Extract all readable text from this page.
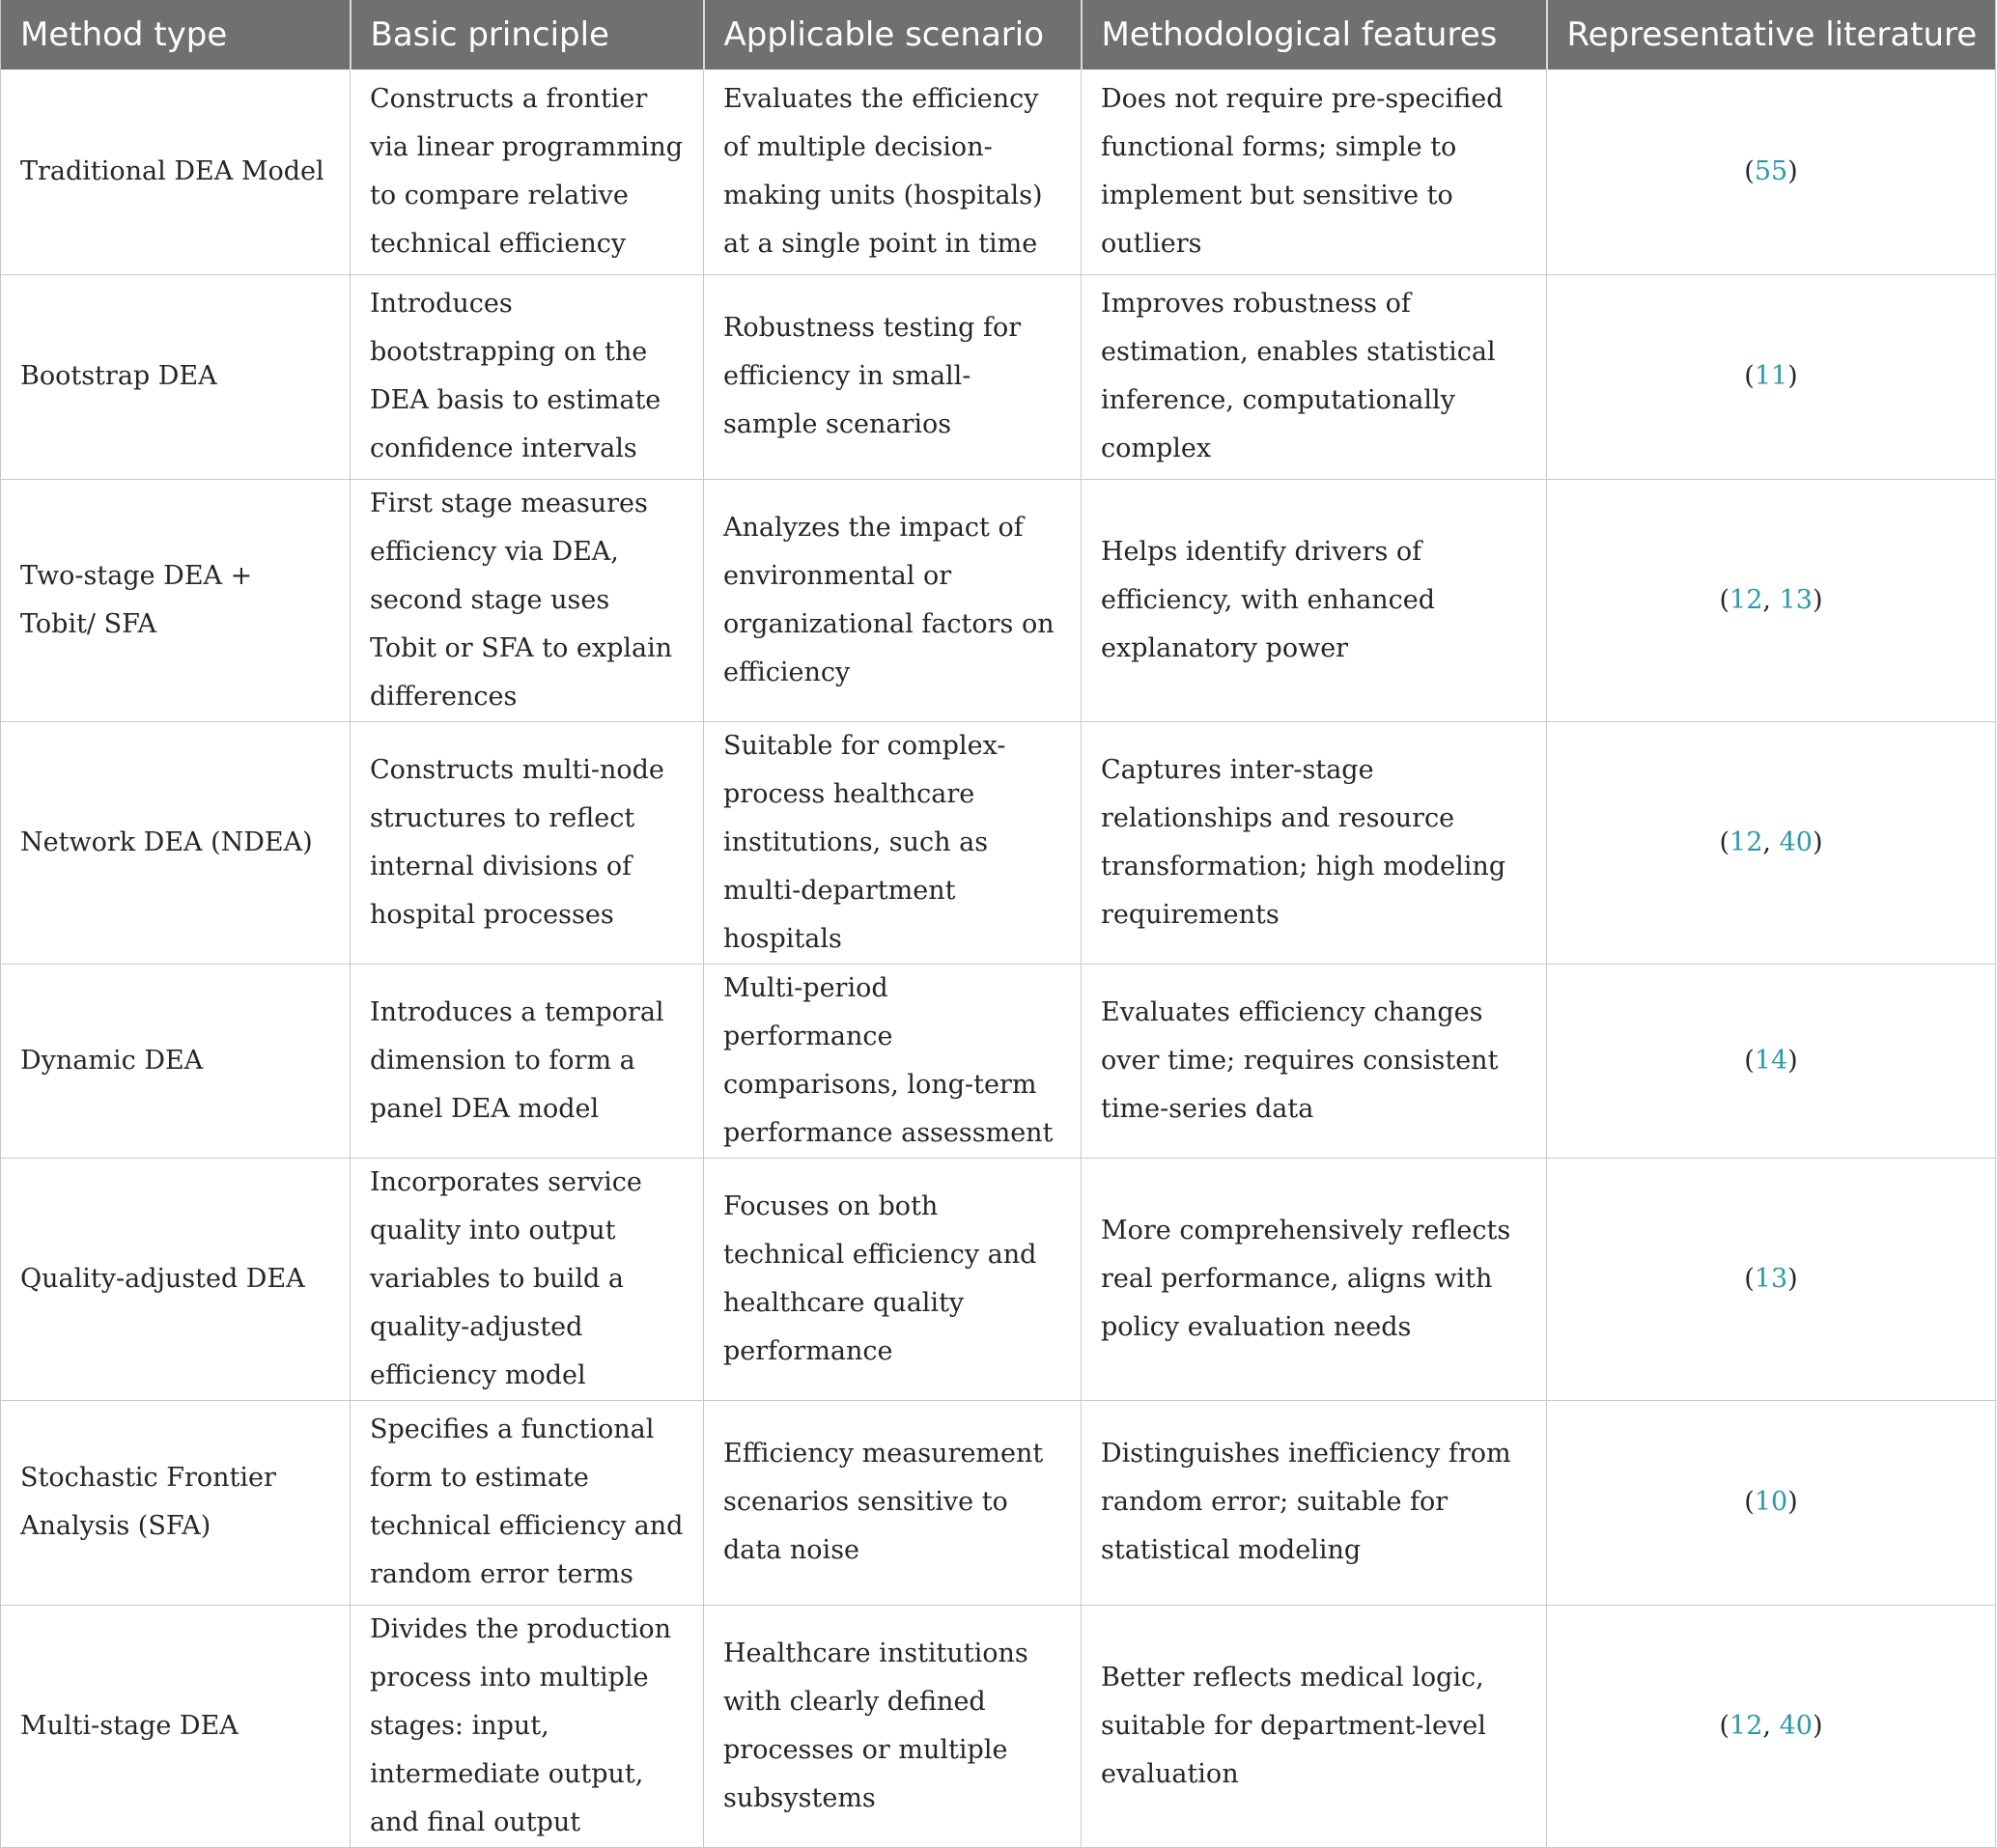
Method type	Basic principle	Applicable scenario	Methodological features	Representative literature
Traditional DEA Model	Constructs a frontier via linear programming to compare relative technical efficiency	Evaluates the efficiency of multiple decision-making units (hospitals) at a single point in time	Does not require pre-specified functional forms; simple to implement but sensitive to outliers	(55)
Bootstrap DEA	Introduces bootstrapping on the DEA basis to estimate confidence intervals	Robustness testing for efficiency in small-sample scenarios	Improves robustness of estimation, enables statistical inference, computationally complex	(11)
Two-stage DEA + Tobit/ SFA	First stage measures efficiency via DEA, second stage uses Tobit or SFA to explain differences	Analyzes the impact of environmental or organizational factors on efficiency	Helps identify drivers of efficiency, with enhanced explanatory power	(12, 13)
Network DEA (NDEA)	Constructs multi-node structures to reflect internal divisions of hospital processes	Suitable for complex-process healthcare institutions, such as multi-department hospitals	Captures inter-stage relationships and resource transformation; high modeling requirements	(12, 40)
Dynamic DEA	Introduces a temporal dimension to form a panel DEA model	Multi-period performance comparisons, long-term performance assessment	Evaluates efficiency changes over time; requires consistent time-series data	(14)
Quality-adjusted DEA	Incorporates service quality into output variables to build a quality-adjusted efficiency model	Focuses on both technical efficiency and healthcare quality performance	More comprehensively reflects real performance, aligns with policy evaluation needs	(13)
Stochastic Frontier Analysis (SFA)	Specifies a functional form to estimate technical efficiency and random error terms	Efficiency measurement scenarios sensitive to data noise	Distinguishes inefficiency from random error; suitable for statistical modeling	(10)
Multi-stage DEA	Divides the production process into multiple stages: input, intermediate output, and final output	Healthcare institutions with clearly defined processes or multiple subsystems	Better reflects medical logic, suitable for department-level evaluation	(12, 40)
